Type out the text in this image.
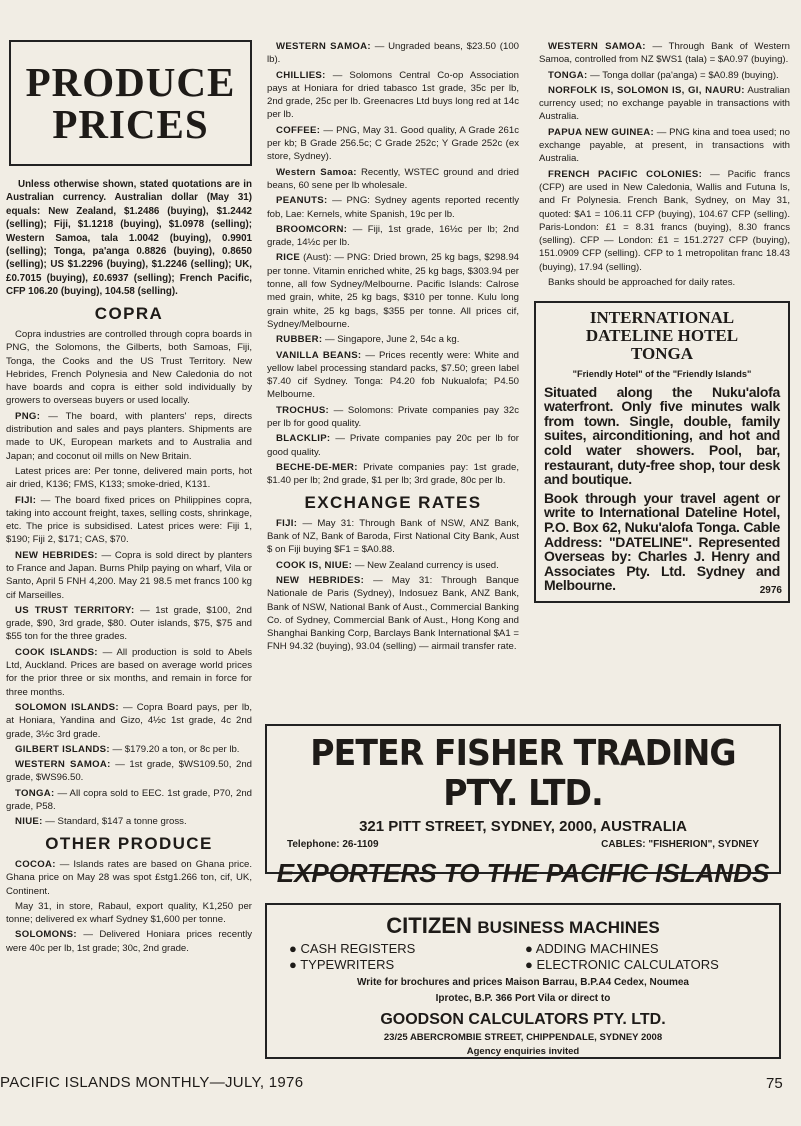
PRODUCE
PRICES

Unless otherwise shown, stated quotations are in Australian currency. Australian dollar (May 31) equals: New Zealand, $1.2486 (buying), $1.2442 (selling); Fiji, $1.1218 (buying), $1.0978 (selling); Western Samoa, tala 1.0042 (buying), 0.9901 (selling); Tonga, pa'anga 0.8826 (buying), 0.8650 (selling); US $1.2296 (buying), $1.2246 (selling); UK, £0.7015 (buying), £0.6937 (selling); French Pacific, CFP 106.20 (buying), 104.58 (selling).

COPRA

Copra industries are controlled through copra boards in PNG, the Solomons, the Gilberts, both Samoas, Fiji, Tonga, the Cooks and the US Trust Territory. New Hebrides, French Polynesia and New Caledonia do not have boards and copra is either sold individually by growers to overseas buyers or used locally.

PNG: — The board, with planters' reps, directs distribution and sales and pays planters. Shipments are made to UK, European markets and to Australia and Japan; and coconut oil mills on New Britain.

Latest prices are: Per tonne, delivered main ports, hot air dried, K136; FMS, K133; smoke-dried, K131.

FIJI: — The board fixed prices on Philippines copra, taking into account freight, taxes, selling costs, shrinkage, etc. The price is subsidised. Latest prices were: Fiji 1, $190; Fiji 2, $171; CAS, $70.

NEW HEBRIDES: — Copra is sold direct by planters to France and Japan. Burns Philp paying on wharf, Vila or Santo, April 5 FNH 4,200. May 21 98.5 met francs 100 kg cif Marseilles.

US TRUST TERRITORY: — 1st grade, $100, 2nd grade, $90, 3rd grade, $80. Outer islands, $75, $75 and $55 ton for the three grades.

COOK ISLANDS: — All production is sold to Abels Ltd, Auckland. Prices are based on average world prices for the prior three or six months, and remain in force for three months.

SOLOMON ISLANDS: — Copra Board pays, per lb, at Honiara, Yandina and Gizo, 4½c 1st grade, 4c 2nd grade, 3½c 3rd grade.

GILBERT ISLANDS: — $179.20 a ton, or 8c per lb.

WESTERN SAMOA: — 1st grade, $WS109.50, 2nd grade, $WS96.50.

TONGA: — All copra sold to EEC. 1st grade, P70, 2nd grade, P58.

NIUE: — Standard, $147 a tonne gross.

OTHER PRODUCE

COCOA: — Islands rates are based on Ghana price. Ghana price on May 28 was spot £stg1.266 ton, cif, UK, Continent.

May 31, in store, Rabaul, export quality, K1,250 per tonne; delivered ex wharf Sydney $1,600 per tonne.

SOLOMONS: — Delivered Honiara prices recently were 40c per lb, 1st grade; 30c, 2nd grade.

WESTERN SAMOA: — Ungraded beans, $23.50 (100 lb).

CHILLIES: — Solomons Central Co-op Association pays at Honiara for dried tabasco 1st grade, 35c per lb, 2nd grade, 25c per lb. Greenacres Ltd buys long red at 14c per lb.

COFFEE: — PNG, May 31. Good quality, A Grade 261c per kb; B Grade 256.5c; C Grade 252c; Y Grade 252c (ex store, Sydney).

Western Samoa: Recently, WSTEC ground and dried beans, 60 sene per lb wholesale.

PEANUTS: — PNG: Sydney agents reported recently fob, Lae: Kernels, white Spanish, 19c per lb.

BROOMCORN: — Fiji, 1st grade, 16½c per lb; 2nd grade, 14½c per lb.

RICE (Aust): — PNG: Dried brown, 25 kg bags, $298.94 per tonne. Vitamin enriched white, 25 kg bags, $303.94 per tonne, all fow Sydney/Melbourne. Pacific Islands: Calrose med grain, white, 25 kg bags, $310 per tonne. Kulu long grain white, 25 kg bags, $355 per tonne. All prices cif, Sydney/Melbourne.

RUBBER: — Singapore, June 2, 54c a kg.

VANILLA BEANS: — Prices recently were: White and yellow label processing standard packs, $7.50; green label $7.40 cif Sydney. Tonga: P4.20 fob Nukualofa; P4.50 Melbourne.

TROCHUS: — Solomons: Private companies pay 32c per lb for good quality.

BLACKLIP: — Private companies pay 20c per lb for good quality.

BECHE-DE-MER: Private companies pay: 1st grade, $1.40 per lb; 2nd grade, $1 per lb; 3rd grade, 80c per lb.

EXCHANGE RATES

FIJI: — May 31: Through Bank of NSW, ANZ Bank, Bank of NZ, Bank of Baroda, First National City Bank, Aust $ on Fiji buying $F1 = $A0.88.

COOK IS, NIUE: — New Zealand currency is used.

NEW HEBRIDES: — May 31: Through Banque Nationale de Paris (Sydney), Indosuez Bank, ANZ Bank, Bank of NSW, National Bank of Aust., Commercial Banking Co. of Sydney, Commercial Bank of Aust., Hong Kong and Shanghai Banking Corp, Barclays Bank International $A1 = FNH 94.32 (buying), 93.04 (selling) — airmail transfer rate.

WESTERN SAMOA: — Through Bank of Western Samoa, controlled from NZ $WS1 (tala) = $A0.97 (buying).

TONGA: — Tonga dollar (pa'anga) = $A0.89 (buying).

NORFOLK IS, SOLOMON IS, GI, NAURU: Australian currency used; no exchange payable in transactions with Australia.

PAPUA NEW GUINEA: — PNG kina and toea used; no exchange payable, at present, in transactions with Australia.

FRENCH PACIFIC COLONIES: — Pacific francs (CFP) are used in New Caledonia, Wallis and Futuna Is, and Fr Polynesia. French Bank, Sydney, on May 31, quoted: $A1 = 106.11 CFP (buying), 104.67 CFP (selling). Paris-London: £1 = 8.31 francs (buying), 8.30 francs (selling). CFP — London: £1 = 151.2727 CFP (buying), 151.0909 CFP (selling). CFP to 1 metropolitan franc 18.43 (buying), 17.94 (selling).

Banks should be approached for daily rates.

INTERNATIONAL
DATELINE HOTEL
TONGA
"Friendly Hotel" of the "Friendly Islands"

Situated along the Nuku'alofa waterfront. Only five minutes walk from town. Single, double, family suites, airconditioning, and hot and cold water showers. Pool, bar, restaurant, duty-free shop, tour desk and boutique.

Book through your travel agent or write to International Dateline Hotel, P.O. Box 62, Nuku'alofa Tonga. Cable Address: "DATELINE". Represented Overseas by: Charles J. Henry and Associates Pty. Ltd. Sydney and Melbourne.	2976
PETER FISHER TRADING PTY. LTD.
321 PITT STREET, SYDNEY, 2000, AUSTRALIA
Telephone: 26-1109	CABLES: "FISHERION", SYDNEY
EXPORTERS TO THE PACIFIC ISLANDS
CITIZEN BUSINESS MACHINES
● CASH REGISTERS	● ADDING MACHINES
● TYPEWRITERS	● ELECTRONIC CALCULATORS
Write for brochures and prices Maison Barrau, B.P.A4 Cedex, Noumea
Iprotec, B.P. 366 Port Vila or direct to
GOODSON CALCULATORS PTY. LTD.
23/25 ABERCROMBIE STREET, CHIPPENDALE, SYDNEY 2008
Agency enquiries invited
PACIFIC ISLANDS MONTHLY—JULY, 1976	75
